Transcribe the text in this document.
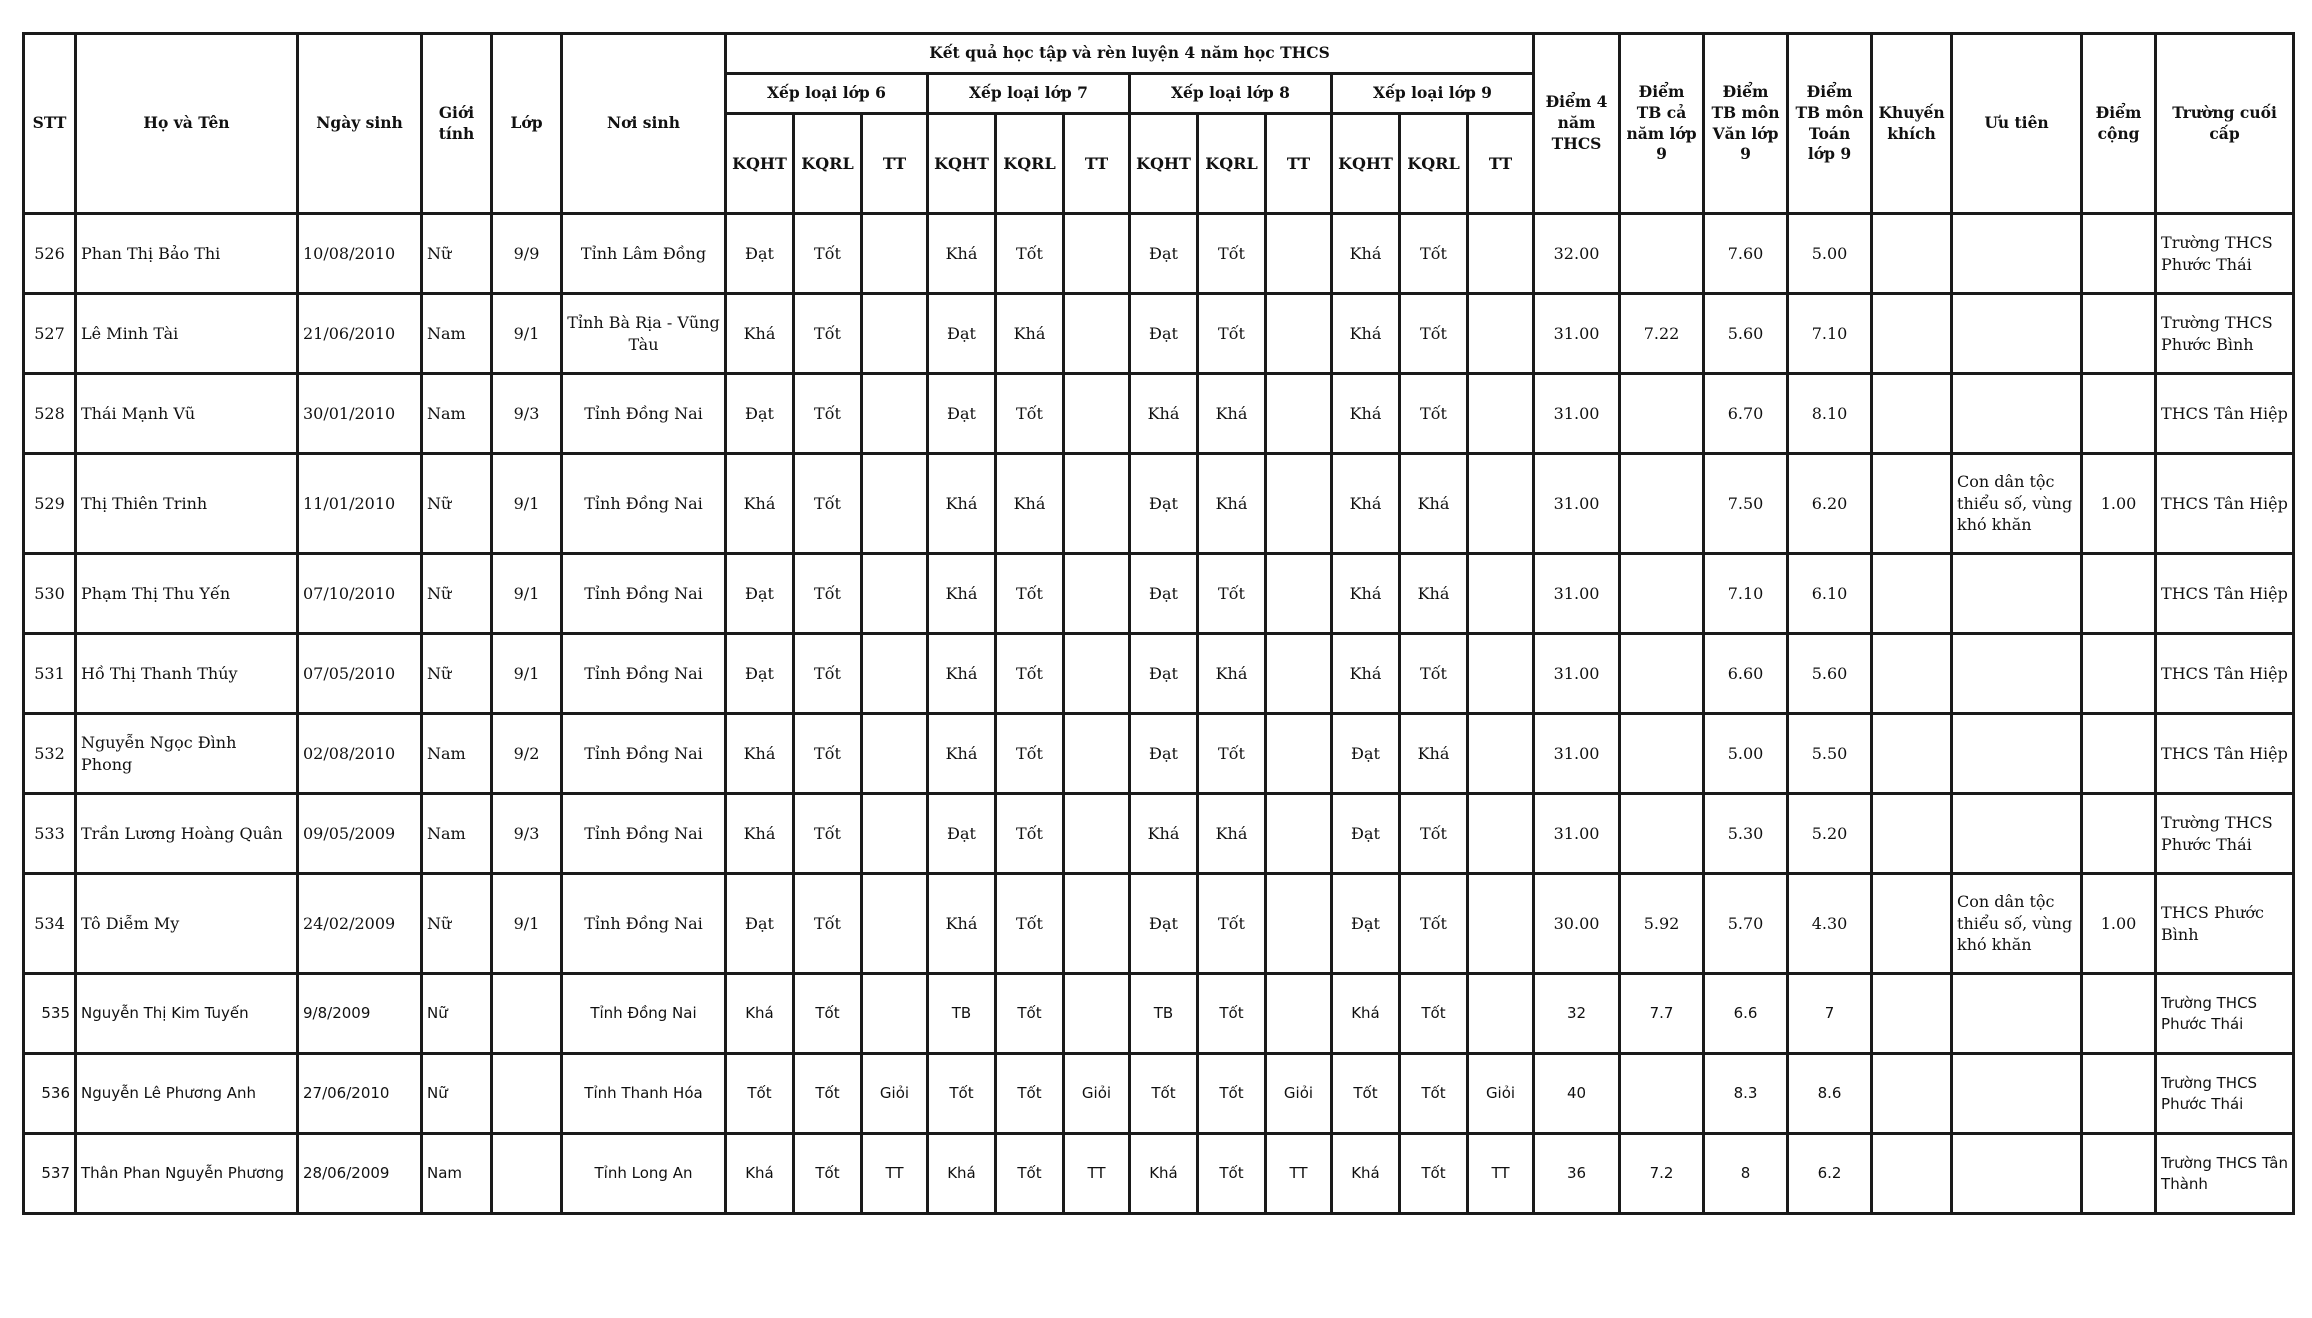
STT	Họ và Tên	Ngày sinh	Giới tính	Lớp	Nơi sinh	Kết quả học tập và rèn luyện 4 năm học THCS												Điểm 4 năm THCS	Điểm TB cả năm lớp 9	Điểm TB môn Văn lớp 9	Điểm TB môn Toán lớp 9	Khuyến khích	Ưu tiên	Điểm cộng	Trường cuối cấp
						Xếp loại lớp 6			Xếp loại lớp 7			Xếp loại lớp 8			Xếp loại lớp 9										
						KQHT	KQRL	TT	KQHT	KQRL	TT	KQHT	KQRL	TT	KQHT	KQRL	TT								
526	Phan Thị Bảo Thi	10/08/2010	Nữ	9/9	Tỉnh Lâm Đồng	Đạt	Tốt		Khá	Tốt		Đạt	Tốt		Khá	Tốt		32.00		7.60	5.00				Trường THCS Phước Thái
527	Lê Minh Tài	21/06/2010	Nam	9/1	Tỉnh Bà Rịa - Vũng Tàu	Khá	Tốt		Đạt	Khá		Đạt	Tốt		Khá	Tốt		31.00	7.22	5.60	7.10				Trường THCS Phước Bình
528	Thái Mạnh Vũ	30/01/2010	Nam	9/3	Tỉnh Đồng Nai	Đạt	Tốt		Đạt	Tốt		Khá	Khá		Khá	Tốt		31.00		6.70	8.10				THCS Tân Hiệp
529	Thị Thiên Trinh	11/01/2010	Nữ	9/1	Tỉnh Đồng Nai	Khá	Tốt		Khá	Khá		Đạt	Khá		Khá	Khá		31.00		7.50	6.20		Con dân tộc thiểu số, vùng khó khăn	1.00	THCS Tân Hiệp
530	Phạm Thị Thu Yến	07/10/2010	Nữ	9/1	Tỉnh Đồng Nai	Đạt	Tốt		Khá	Tốt		Đạt	Tốt		Khá	Khá		31.00		7.10	6.10				THCS Tân Hiệp
531	Hồ Thị Thanh Thúy	07/05/2010	Nữ	9/1	Tỉnh Đồng Nai	Đạt	Tốt		Khá	Tốt		Đạt	Khá		Khá	Tốt		31.00		6.60	5.60				THCS Tân Hiệp
532	Nguyễn Ngọc Đình Phong	02/08/2010	Nam	9/2	Tỉnh Đồng Nai	Khá	Tốt		Khá	Tốt		Đạt	Tốt		Đạt	Khá		31.00		5.00	5.50				THCS Tân Hiệp
533	Trần Lương Hoàng Quân	09/05/2009	Nam	9/3	Tỉnh Đồng Nai	Khá	Tốt		Đạt	Tốt		Khá	Khá		Đạt	Tốt		31.00		5.30	5.20				Trường THCS Phước Thái
534	Tô Diễm My	24/02/2009	Nữ	9/1	Tỉnh Đồng Nai	Đạt	Tốt		Khá	Tốt		Đạt	Tốt		Đạt	Tốt		30.00	5.92	5.70	4.30		Con dân tộc thiểu số, vùng khó khăn	1.00	THCS Phước Bình
535	Nguyễn Thị Kim Tuyến	9/8/2009	Nữ		Tỉnh Đồng Nai	Khá	Tốt		TB	Tốt		TB	Tốt		Khá	Tốt		32	7.7	6.6	7				Trường THCS Phước Thái
536	Nguyễn Lê Phương Anh	27/06/2010	Nữ		Tỉnh Thanh Hóa	Tốt	Tốt	Giỏi	Tốt	Tốt	Giỏi	Tốt	Tốt	Giỏi	Tốt	Tốt	Giỏi	40		8.3	8.6				Trường THCS Phước Thái
537	Thân Phan Nguyễn Phương	28/06/2009	Nam		Tỉnh Long An	Khá	Tốt	TT	Khá	Tốt	TT	Khá	Tốt	TT	Khá	Tốt	TT	36	7.2	8	6.2				Trường THCS Tân Thành
